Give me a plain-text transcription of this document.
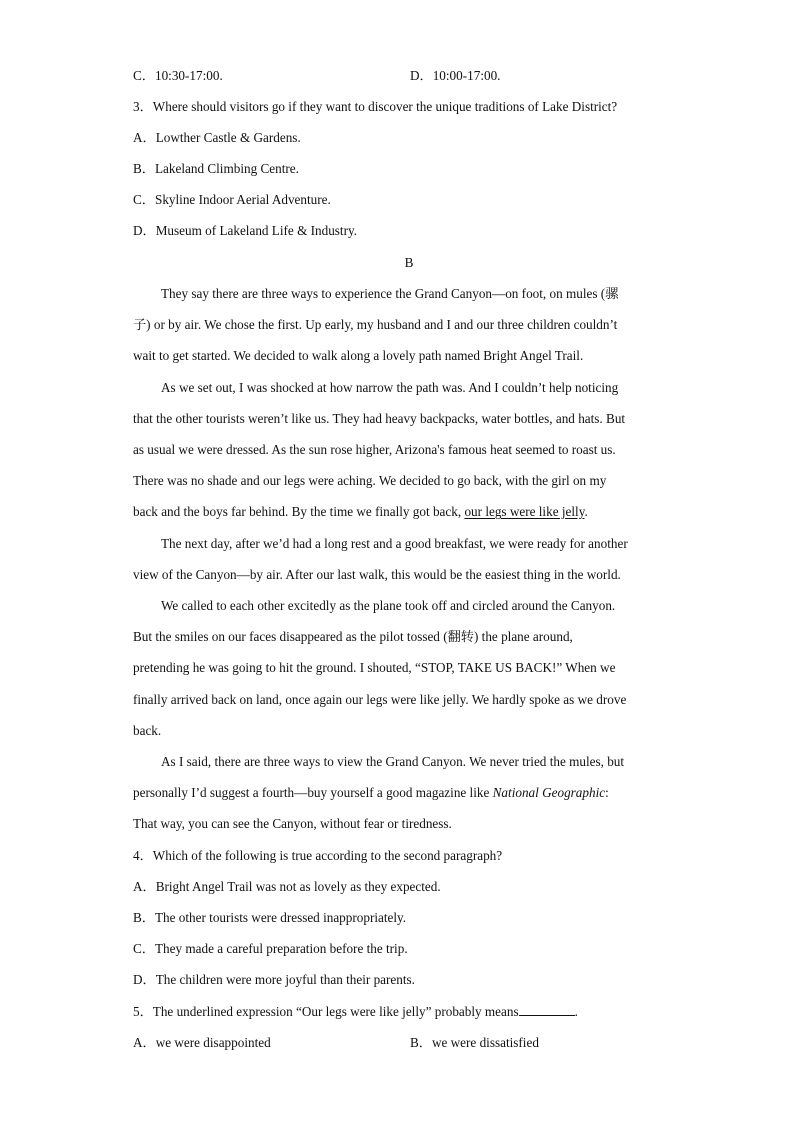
C．10:30-17:00.	D．10:00-17:00.
3．Where should visitors go if they want to discover the unique traditions of Lake District?
A．Lowther Castle & Gardens.
B．Lakeland Climbing Centre.
C．Skyline Indoor Aerial Adventure.
D．Museum of Lakeland Life & Industry.
B
They say there are three ways to experience the Grand Canyon—on foot, on mules (骡
子) or by air. We chose the first. Up early, my husband and I and our three children couldn’t
wait to get started. We decided to walk along a lovely path named Bright Angel Trail.
As we set out, I was shocked at how narrow the path was. And I couldn’t help noticing
that the other tourists weren’t like us. They had heavy backpacks, water bottles, and hats. But
as usual we were dressed. As the sun rose higher, Arizona's famous heat seemed to roast us.
There was no shade and our legs were aching. We decided to go back, with the girl on my
back and the boys far behind. By the time we finally got back, our legs were like jelly.
The next day, after we’d had a long rest and a good breakfast, we were ready for another
view of the Canyon—by air. After our last walk, this would be the easiest thing in the world.
We called to each other excitedly as the plane took off and circled around the Canyon.
But the smiles on our faces disappeared as the pilot tossed (翻转) the plane around,
pretending he was going to hit the ground. I shouted, “STOP, TAKE US BACK!” When we
finally arrived back on land, once again our legs were like jelly. We hardly spoke as we drove
back.
As I said, there are three ways to view the Grand Canyon. We never tried the mules, but
personally I’d suggest a fourth—buy yourself a good magazine like National Geographic:
That way, you can see the Canyon, without fear or tiredness.
4．Which of the following is true according to the second paragraph?
A．Bright Angel Trail was not as lovely as they expected.
B．The other tourists were dressed inappropriately.
C．They made a careful preparation before the trip.
D．The children were more joyful than their parents.
5．The underlined expression “Our legs were like jelly” probably means	.
A．we were disappointed	B．we were dissatisfied
